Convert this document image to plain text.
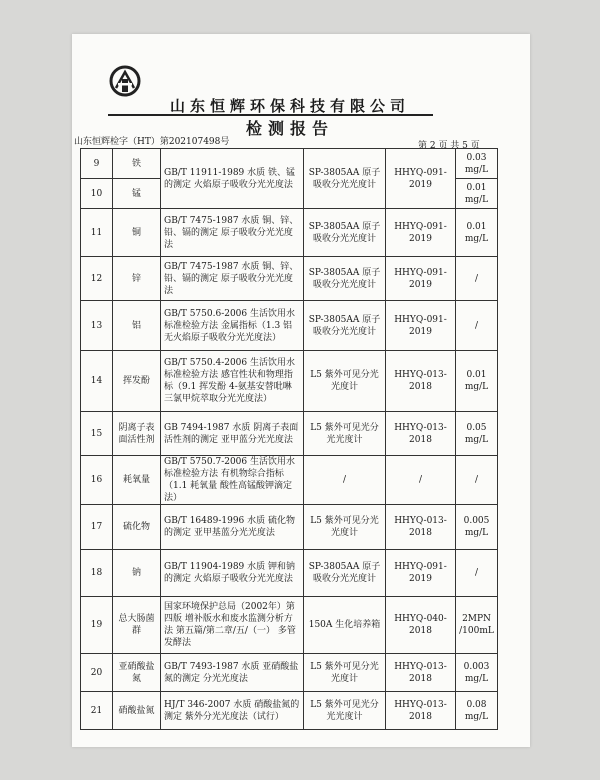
山东恒辉环保科技有限公司
检测报告
山东恒辉检字（HT）第202107498号	第 2 页 共 5 页
9	铁	GB/T 11911-1989 水质 铁、锰的测定 火焰原子吸收分光光度法	SP-3805AA 原子吸收分光光度计	HHYQ-091-2019	0.03 mg/L
10	锰				0.01 mg/L
11	铜	GB/T 7475-1987 水质 铜、锌、铅、镉的测定 原子吸收分光光度法	SP-3805AA 原子吸收分光光度计	HHYQ-091-2019	0.01 mg/L
12	锌	GB/T 7475-1987 水质 铜、锌、铅、镉的测定 原子吸收分光光度法	SP-3805AA 原子吸收分光光度计	HHYQ-091-2019	/
13	铝	GB/T 5750.6-2006 生活饮用水标准检验方法 金属指标（1.3 铝 无火焰原子吸收分光光度法）	SP-3805AA 原子吸收分光光度计	HHYQ-091-2019	/
14	挥发酚	GB/T 5750.4-2006 生活饮用水标准检验方法 感官性状和物理指标（9.1 挥发酚 4-氨基安替吡啉三氯甲烷萃取分光光度法）	L5 紫外可见分光光度计	HHYQ-013-2018	0.01 mg/L
15	阴离子表面活性剂	GB 7494-1987 水质 阴离子表面活性剂的测定 亚甲蓝分光光度法	L5 紫外可见光分光光度计	HHYQ-013-2018	0.05 mg/L
16	耗氧量	GB/T 5750.7-2006 生活饮用水标准检验方法 有机物综合指标（1.1 耗氧量 酸性高锰酸钾滴定法）	/	/	/
17	硫化物	GB/T 16489-1996 水质 硫化物的测定 亚甲基蓝分光光度法	L5 紫外可见分光光度计	HHYQ-013-2018	0.005 mg/L
18	钠	GB/T 11904-1989 水质 钾和钠的测定 火焰原子吸收分光光度法	SP-3805AA 原子吸收分光光度计	HHYQ-091-2019	/
19	总大肠菌群	国家环境保护总局（2002年）第四版 增补版水和废水监测分析方法 第五篇/第二章/五/（一） 多管发酵法	150A 生化培养箱	HHYQ-040-2018	2MPN /100mL
20	亚硝酸盐氮	GB/T 7493-1987 水质 亚硝酸盐氮的测定 分光光度法	L5 紫外可见分光光度计	HHYQ-013-2018	0.003 mg/L
21	硝酸盐氮	HJ/T 346-2007 水质 硝酸盐氮的测定 紫外分光光度法（试行）	L5 紫外可见光分光光度计	HHYQ-013-2018	0.08 mg/L
